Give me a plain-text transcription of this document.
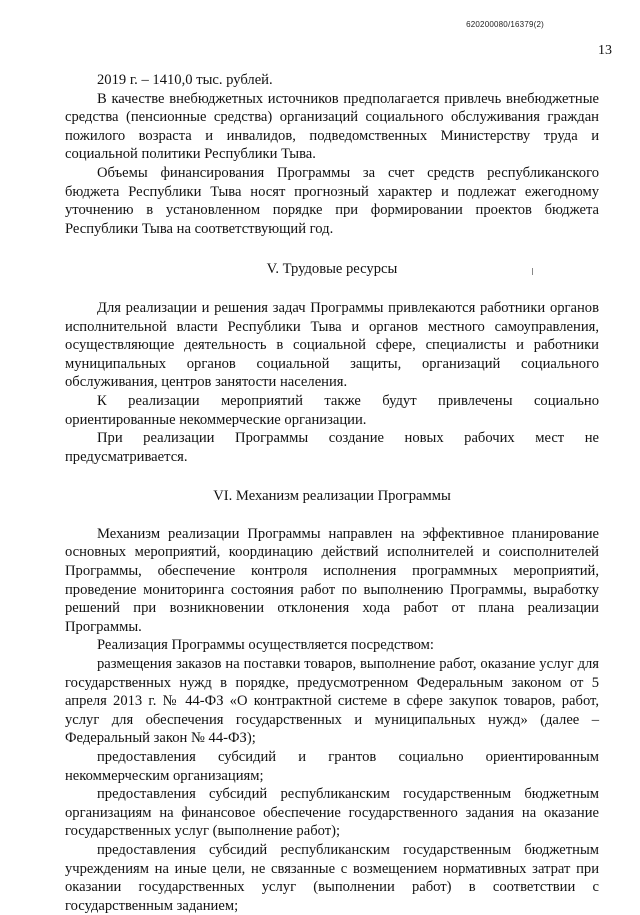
620200080/16379(2)
13

2019 г. – 1410,0 тыс. рублей.

В качестве внебюджетных источников предполагается привлечь внебюджетные средства (пенсионные средства) организаций социального обслуживания граждан пожилого возраста и инвалидов, подведомственных Министерству труда и социальной политики Республики Тыва.

Объемы финансирования Программы за счет средств республиканского бюджета Республики Тыва носят прогнозный характер и подлежат ежегодному уточнению в установленном порядке при формировании проектов бюджета Республики Тыва на соответствующий год.

V. Трудовые ресурсы

Для реализации и решения задач Программы привлекаются работники органов исполнительной власти Республики Тыва и органов местного самоуправления, осуществляющие деятельность в социальной сфере, специалисты и работники муниципальных органов социальной защиты, организаций социального обслуживания, центров занятости населения.

К реализации мероприятий также будут привлечены социально ориентированные некоммерческие организации.

При реализации Программы создание новых рабочих мест не предусматривается.

VI. Механизм реализации Программы

Механизм реализации Программы направлен на эффективное планирование основных мероприятий, координацию действий исполнителей и соисполнителей Программы, обеспечение контроля исполнения программных мероприятий, проведение мониторинга состояния работ по выполнению Программы, выработку решений при возникновении отклонения хода работ от плана реализации Программы.

Реализация Программы осуществляется посредством:

размещения заказов на поставки товаров, выполнение работ, оказание услуг для государственных нужд в порядке, предусмотренном Федеральным законом от 5 апреля 2013 г. № 44-ФЗ «О контрактной системе в сфере закупок товаров, работ, услуг для обеспечения государственных и муниципальных нужд» (далее – Федеральный закон № 44-ФЗ);

предоставления субсидий и грантов социально ориентированным некоммерческим организациям;

предоставления субсидий республиканским государственным бюджетным организациям на финансовое обеспечение государственного задания на оказание государственных услуг (выполнение работ);

предоставления субсидий республиканским государственным бюджетным учреждениям на иные цели, не связанные с возмещением нормативных затрат при оказании государственных услуг (выполнении работ) в соответствии с государственным заданием;
